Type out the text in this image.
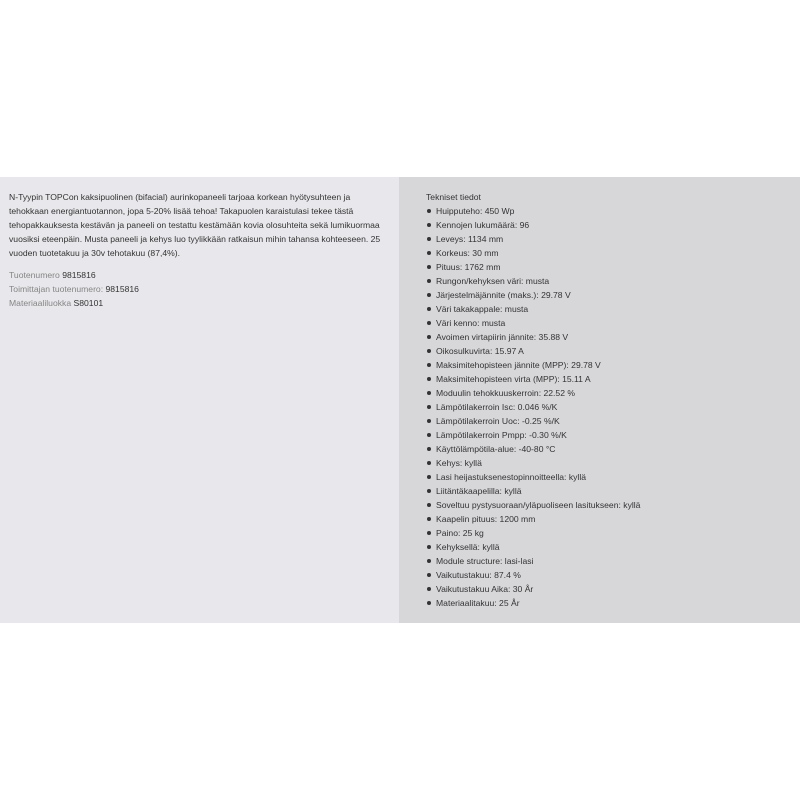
N-Tyypin TOPCon kaksipuolinen (bifacial) aurinkopaneeli tarjoaa korkean hyötysuhteen ja tehokkaan energiantuotannon, jopa 5-20% lisää tehoa! Takapuolen karaistulasi tekee tästä tehopakkauksesta kestävän ja paneeli on testattu kestämään kovia olosuhteita sekä lumikuormaa vuosiksi eteenpäin. Musta paneeli ja kehys luo tyylikkään ratkaisun mihin tahansa kohteeseen. 25 vuoden tuotetakuu ja 30v tehotakuu (87,4%).

Tuotenumero 9815816
Toimittajan tuotenumero: 9815816
Materiaaliluokka S80101

Tekniset tiedot

Huipputeho: 450 Wp
Kennojen lukumäärä: 96
Leveys: 1134 mm
Korkeus: 30 mm
Pituus: 1762 mm
Rungon/kehyksen väri: musta
Järjestelmäjännite (maks.): 29.78 V
Väri takakappale: musta
Väri kenno: musta
Avoimen virtapiirin jännite: 35.88 V
Oikosulkuvirta: 15.97 A
Maksimitehopisteen jännite (MPP): 29.78 V
Maksimitehopisteen virta (MPP): 15.11 A
Moduulin tehokkuuskerroin: 22.52 %
Lämpötilakerroin Isc: 0.046 %/K
Lämpötilakerroin Uoc: -0.25 %/K
Lämpötilakerroin Pmpp: -0.30 %/K
Käyttölämpötila-alue: -40-80 °C
Kehys: kyllä
Lasi heijastuksenestopinnoitteella: kyllä
Liitäntäkaapelilla: kyllä
Soveltuu pystysuoraan/yläpuoliseen lasitukseen: kyllä
Kaapelin pituus: 1200 mm
Paino: 25 kg
Kehyksellä: kyllä
Module structure: lasi-lasi
Vaikutustakuu: 87.4 %
Vaikutustakuu Aika: 30 År
Materiaalitakuu: 25 År
